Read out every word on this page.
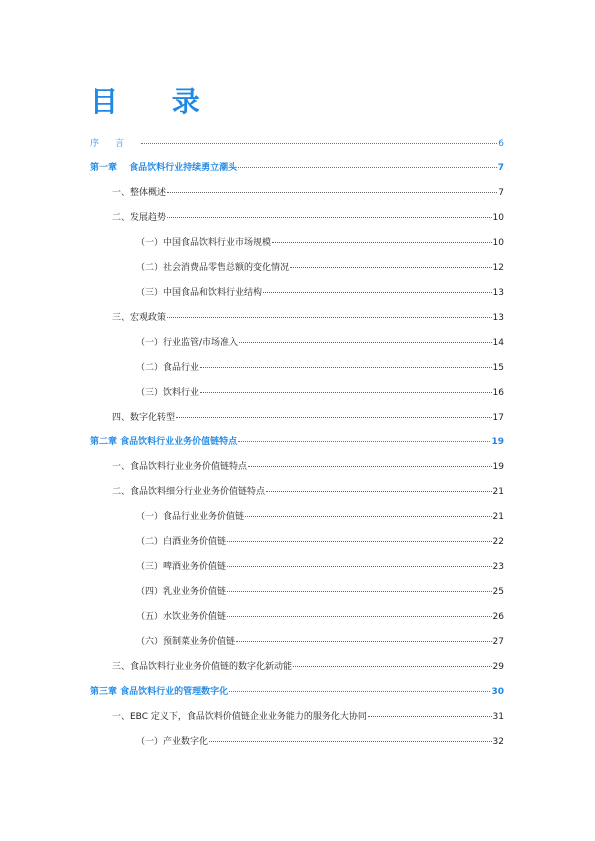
目 录
序言	6
第一章　 食品饮料行业持续勇立潮头	7
一、整体概述	7
二、发展趋势	10
（一）中国食品饮料行业市场规模	10
（二）社会消费品零售总额的变化情况	12
（三）中国食品和饮料行业结构	13
三、宏观政策	13
（一）行业监管/市场准入	14
（二）食品行业	15
（三）饮料行业	16
四、数字化转型	17
第二章 食品饮料行业业务价值链特点	19
一、食品饮料行业业务价值链特点	19
二、食品饮料细分行业业务价值链特点	21
（一）食品行业业务价值链	21
（二）白酒业务价值链	22
（三）啤酒业务价值链	23
（四）乳业业务价值链	25
（五）水饮业务价值链	26
（六）预制菜业务价值链	27
三、食品饮料行业业务价值链的数字化新动能	29
第三章 食品饮料行业的管理数字化	30
一、EBC 定义下，食品饮料价值链企业业务能力的服务化大协同	31
（一）产业数字化	32
